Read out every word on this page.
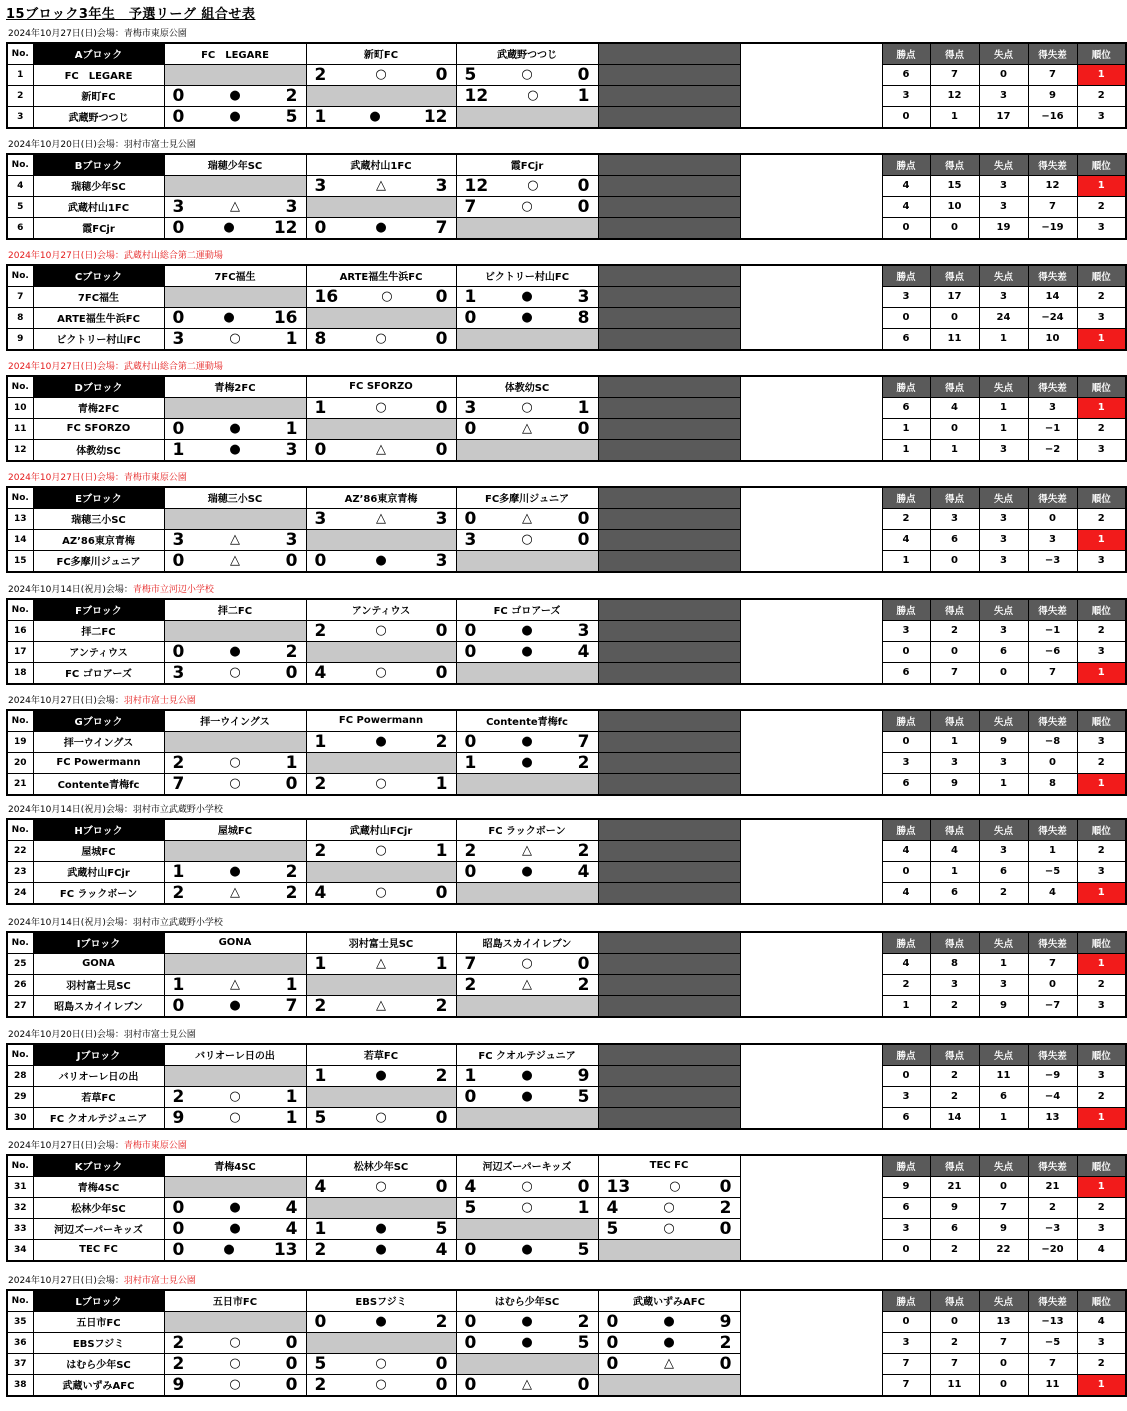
15ブロック3年生　予選リーグ 組合せ表
2024年10月27日(日)会場：青梅市東原公園
No.	Aブロック	FC　LEGARE	新町FC	武蔵野つつじ			勝点	得点	失点	得失差	順位
1	FC　LEGARE		2 ○ 0	5 ○ 0			6	7	0	7	1
2	新町FC	0 ● 2		12 ○ 1			3	12	3	9	2
3	武蔵野つつじ	0 ● 5	1 ● 12				0	1	17	−16	3
2024年10月20日(日)会場：羽村市富士見公園
No.	Bブロック	瑞穂少年SC	武蔵村山1FC	霞FCjr			勝点	得点	失点	得失差	順位
4	瑞穂少年SC		3 △ 3	12 ○ 0			4	15	3	12	1
5	武蔵村山1FC	3 △ 3		7 ○ 0			4	10	3	7	2
6	霞FCjr	0 ● 12	0 ● 7				0	0	19	−19	3
2024年10月27日(日)会場：武蔵村山総合第二運動場
No.	Cブロック	7FC福生	ARTE福生牛浜FC	ビクトリー村山FC			勝点	得点	失点	得失差	順位
7	7FC福生		16 ○ 0	1 ● 3			3	17	3	14	2
8	ARTE福生牛浜FC	0 ● 16		0 ● 8			0	0	24	−24	3
9	ビクトリー村山FC	3 ○ 1	8 ○ 0				6	11	1	10	1
2024年10月27日(日)会場：武蔵村山総合第二運動場
No.	Dブロック	青梅2FC	FC SFORZO	体教幼SC			勝点	得点	失点	得失差	順位
10	青梅2FC		1 ○ 0	3 ○ 1			6	4	1	3	1
11	FC SFORZO	0 ● 1		0 △ 0			1	0	1	−1	2
12	体教幼SC	1 ● 3	0 △ 0				1	1	3	−2	3
2024年10月27日(日)会場：青梅市東原公園
No.	Eブロック	瑞穂三小SC	AZ’86東京青梅	FC多摩川ジュニア			勝点	得点	失点	得失差	順位
13	瑞穂三小SC		3 △ 3	0 △ 0			2	3	3	0	2
14	AZ’86東京青梅	3 △ 3		3 ○ 0			4	6	3	3	1
15	FC多摩川ジュニア	0 △ 0	0 ● 3				1	0	3	−3	3
2024年10月14日(祝月)会場：青梅市立河辺小学校
No.	Fブロック	拝二FC	アンティウス	FC ゴロアーズ			勝点	得点	失点	得失差	順位
16	拝二FC		2 ○ 0	0 ● 3			3	2	3	−1	2
17	アンティウス	0 ● 2		0 ● 4			0	0	6	−6	3
18	FC ゴロアーズ	3 ○ 0	4 ○ 0				6	7	0	7	1
2024年10月27日(日)会場：羽村市富士見公園
No.	Gブロック	拝一ウイングス	FC Powermann	Contente青梅fc			勝点	得点	失点	得失差	順位
19	拝一ウイングス		1 ● 2	0 ● 7			0	1	9	−8	3
20	FC Powermann	2 ○ 1		1 ● 2			3	3	3	0	2
21	Contente青梅fc	7 ○ 0	2 ○ 1				6	9	1	8	1
2024年10月14日(祝月)会場：羽村市立武蔵野小学校
No.	Hブロック	屋城FC	武蔵村山FCjr	FC ラックボーン			勝点	得点	失点	得失差	順位
22	屋城FC		2 ○ 1	2 △ 2			4	4	3	1	2
23	武蔵村山FCjr	1 ● 2		0 ● 4			0	1	6	−5	3
24	FC ラックボーン	2 △ 2	4 ○ 0				4	6	2	4	1
2024年10月14日(祝月)会場：羽村市立武蔵野小学校
No.	Iブロック	GONA	羽村富士見SC	昭島スカイイレブン			勝点	得点	失点	得失差	順位
25	GONA		1 △ 1	7 ○ 0			4	8	1	7	1
26	羽村富士見SC	1 △ 1		2 △ 2			2	3	3	0	2
27	昭島スカイイレブン	0 ● 7	2 △ 2				1	2	9	−7	3
2024年10月20日(日)会場：羽村市富士見公園
No.	Jブロック	バリオーレ日の出	若草FC	FC クオルテジュニア			勝点	得点	失点	得失差	順位
28	バリオーレ日の出		1 ● 2	1 ● 9			0	2	11	−9	3
29	若草FC	2 ○ 1		0 ● 5			3	2	6	−4	2
30	FC クオルテジュニア	9 ○ 1	5 ○ 0				6	14	1	13	1
2024年10月27日(日)会場：青梅市東原公園
No.	Kブロック	青梅4SC	松林少年SC	河辺ズーパーキッズ	TEC FC		勝点	得点	失点	得失差	順位
31	青梅4SC		4 ○ 0	4 ○ 0	13 ○ 0		9	21	0	21	1
32	松林少年SC	0 ● 4		5 ○ 1	4 ○ 2		6	9	7	2	2
33	河辺ズーパーキッズ	0 ● 4	1 ● 5		5 ○ 0		3	6	9	−3	3
34	TEC FC	0 ● 13	2 ● 4	0 ● 5			0	2	22	−20	4
2024年10月27日(日)会場：羽村市富士見公園
No.	Lブロック	五日市FC	EBSフジミ	はむら少年SC	武蔵いずみAFC		勝点	得点	失点	得失差	順位
35	五日市FC		0 ● 2	0 ● 2	0 ● 9		0	0	13	−13	4
36	EBSフジミ	2 ○ 0		0 ● 5	0 ● 2		3	2	7	−5	3
37	はむら少年SC	2 ○ 0	5 ○ 0		0 △ 0		7	7	0	7	2
38	武蔵いずみAFC	9 ○ 0	2 ○ 0	0 △ 0			7	11	0	11	1
